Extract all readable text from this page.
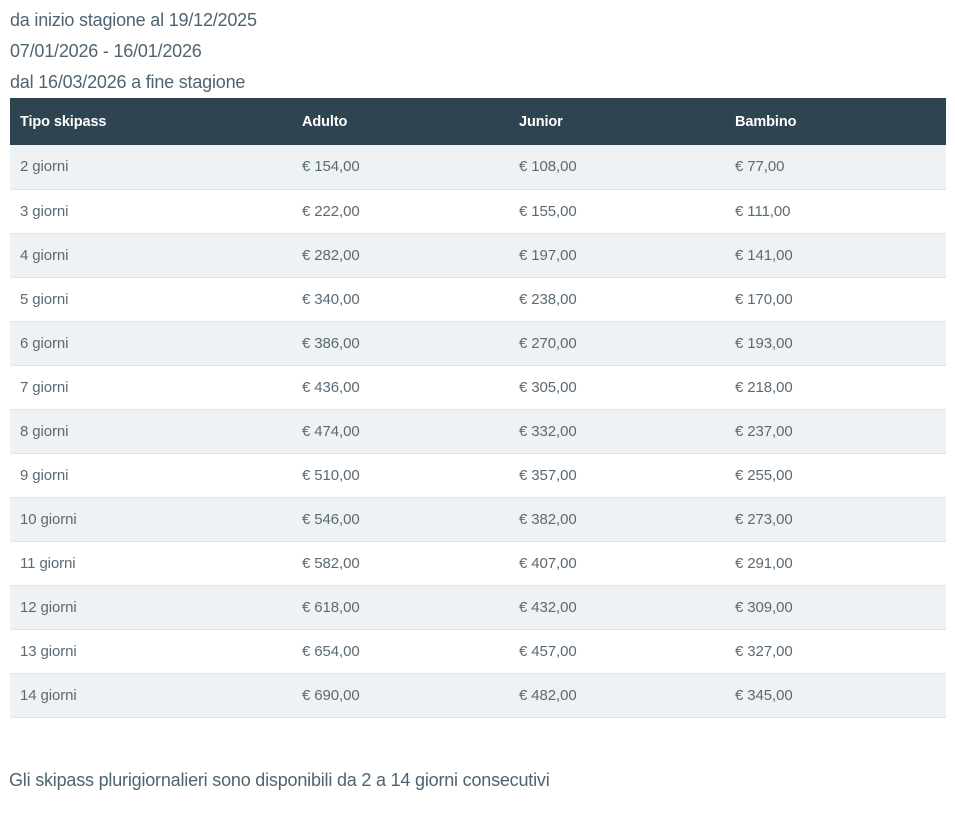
da inizio stagione al 19/12/2025
07/01/2026 - 16/01/2026
dal 16/03/2026 a fine stagione
Tipo skipass	Adulto	Junior	Bambino
2 giorni	€ 154,00	€ 108,00	€ 77,00
3 giorni	€ 222,00	€ 155,00	€ 111,00
4 giorni	€ 282,00	€ 197,00	€ 141,00
5 giorni	€ 340,00	€ 238,00	€ 170,00
6 giorni	€ 386,00	€ 270,00	€ 193,00
7 giorni	€ 436,00	€ 305,00	€ 218,00
8 giorni	€ 474,00	€ 332,00	€ 237,00
9 giorni	€ 510,00	€ 357,00	€ 255,00
10 giorni	€ 546,00	€ 382,00	€ 273,00
11 giorni	€ 582,00	€ 407,00	€ 291,00
12 giorni	€ 618,00	€ 432,00	€ 309,00
13 giorni	€ 654,00	€ 457,00	€ 327,00
14 giorni	€ 690,00	€ 482,00	€ 345,00
Gli skipass plurigiornalieri sono disponibili da 2 a 14 giorni consecutivi
